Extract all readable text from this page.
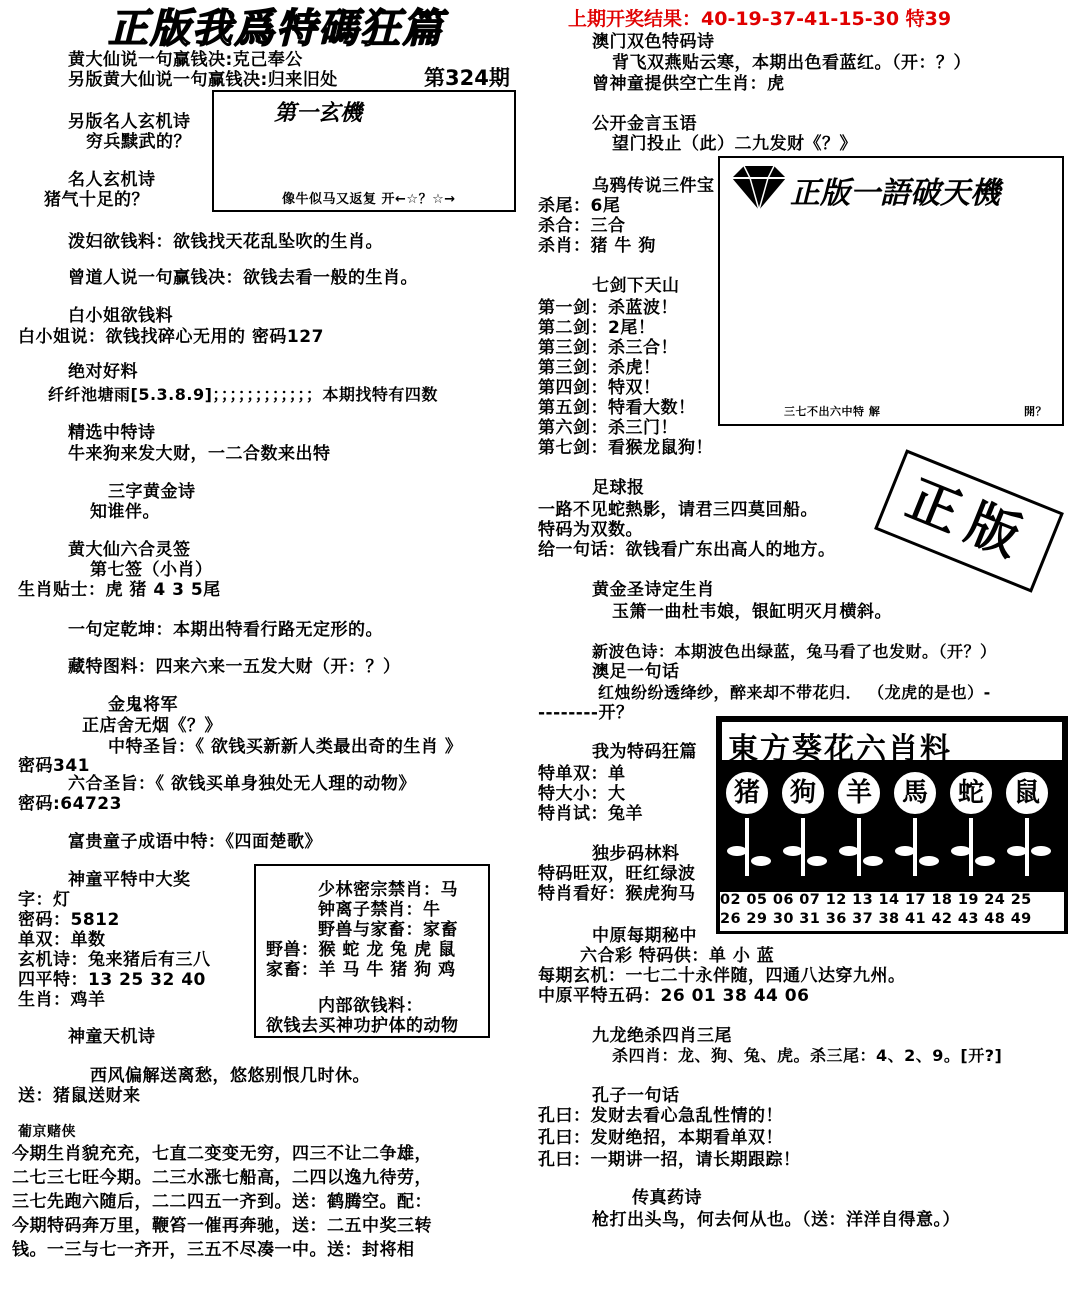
正版我爲特碼狂篇
第324期
上期开奖结果：40-19-37-41-15-30 特39
黄大仙说一句赢钱决:克己奉公
另版黄大仙说一句赢钱决:归来旧处
另版名人玄机诗
穷兵黩武的？
名人玄机诗
猪气十足的？
泼妇欲钱料：欲钱找天花乱坠吹的生肖。
曾道人说一句赢钱决：欲钱去看一般的生肖。
白小姐欲钱料
白小姐说：欲钱找碎心无用的 密码127
绝对好料
纤纤池塘雨[5.3.8.9]；；；；；；；；；；；；本期找特有四数
精选中特诗
牛来狗来发大财，一二合数来出特
三字黄金诗
知谁伴。
黄大仙六合灵签
第七签（小肖）
生肖贴士：虎 猪 4 3 5尾
一句定乾坤：本期出特看行路无定形的。
藏特图料：四来六来一五发大财（开：？）
金鬼将军
正店舍无烟《？》
中特圣旨：《 欲钱买新新人类最出奇的生肖 》
密码341
六合圣旨：《 欲钱买单身独处无人理的动物》
密码:64723
富贵童子成语中特：《四面楚歌》
神童平特中大奖
字：灯
密码：5812
单双：单数
玄机诗：兔来猪后有三八
四平特：13 25 32 40
生肖：鸡羊
神童天机诗
西风偏解送离愁，悠悠别恨几时休。
送：猪鼠送财来
葡京赌侠
今期生肖貌充充，七直二变变无穷，四三不让二争雄，
二七三七旺今期。二三水涨七船高，二四以逸九待劳，
三七先跑六随后，二二四五一齐到。送：鹤腾空。配：
今期特码奔万里，鞭笞一催再奔驰，送：二五中奖三转
钱。一三与七一齐开，三五不尽凑一中。送：封将相
第一玄機
像牛似马又返复 开←☆？☆→
少林密宗禁肖：马
钟离子禁肖：牛
野兽与家畜：家畜
野兽：猴 蛇 龙 兔 虎 鼠
家畜：羊 马 牛 猪 狗 鸡
内部欲钱料：
欲钱去买神功护体的动物
澳门双色特码诗
背飞双燕贴云寒，本期出色看蓝红。（开：？）
曾神童提供空亡生肖：虎
公开金言玉语
望门投止（此）二九发财《？》
乌鸦传说三件宝
杀尾：6尾
杀合：三合
杀肖：猪 牛 狗
七剑下天山
第一剑：杀蓝波！
第二剑：2尾！
第三剑：杀三合！
第三剑：杀虎！
第四剑：特双！
第五剑：特看大数！
第六剑：杀三门！
第七剑：看猴龙鼠狗！
足球报
一路不见蛇熱影，请君三四莫回船。
特码为双数。
给一句话：欲钱看广东出高人的地方。
黄金圣诗定生肖
玉箫一曲杜韦娘，银缸明灭月横斜。
新波色诗：本期波色出绿蓝，兔马看了也发财。（开？）
澳足一句话
红烛纷纷透绛纱，醉来却不带花归． （龙虎的是也）-
--------开？
我为特码狂篇
特单双：单
特大小：大
特肖试：兔羊
独步码林料
特码旺双，旺红绿波
特肖看好：猴虎狗马
中原每期秘中
六合彩 特码供：单 小 蓝
每期玄机：一七二十永伴随，四通八达穿九州。
中原平特五码：26 01 38 44 06
九龙绝杀四肖三尾
杀四肖：龙、狗、兔、虎。杀三尾：4、2、9。[开?]
孔子一句话
孔曰：发财去看心急乱性情的！
孔曰：发财绝招，本期看单双！
孔曰：一期讲一招，请长期跟踪！
传真药诗
枪打出头鸟，何去何从也。（送：洋洋自得意。）
正版一語破天機
三七不出六中特 解	開？
正版
東方葵花六肖料
猪	狗	羊	馬	蛇	鼠
02 05 06 07 12 13 14 17 18 19 24 25
26 29 30 31 36 37 38 41 42 43 48 49
